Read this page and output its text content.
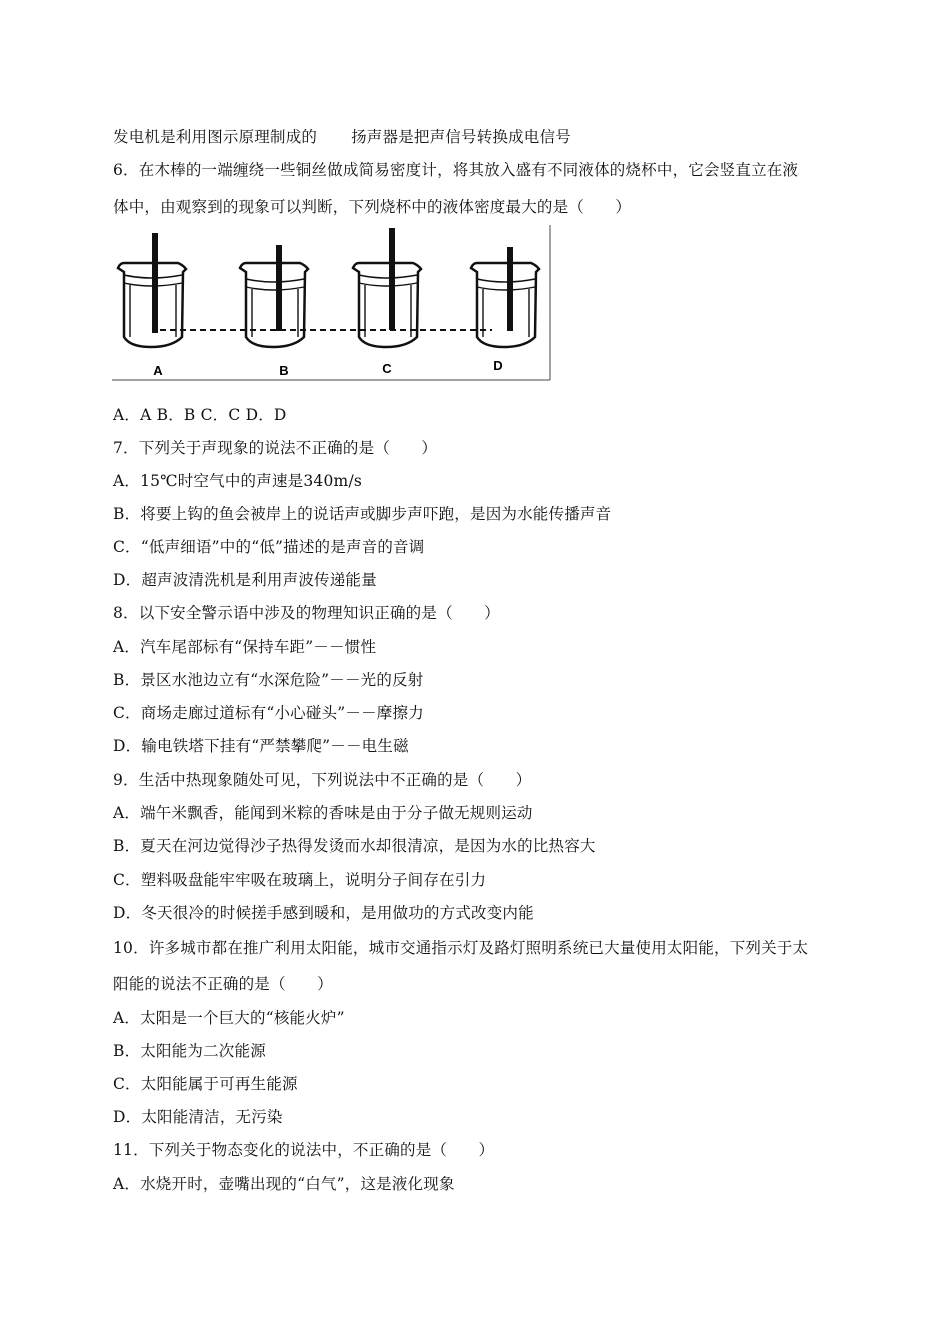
发电机是利用图示原理制成的 扬声器是把声信号转换成电信号
6．在木棒的一端缠绕一些铜丝做成简易密度计，将其放入盛有不同液体的烧杯中，它会竖直立在液
体中，由观察到的现象可以判断，下列烧杯中的液体密度最大的是（　　）
A	B	C	D
A．A B．B C．C D．D
7．下列关于声现象的说法不正确的是（　　）
A．15℃时空气中的声速是340m/s
B．将要上钩的鱼会被岸上的说话声或脚步声吓跑，是因为水能传播声音
C．“低声细语”中的“低”描述的是声音的音调
D．超声波清洗机是利用声波传递能量
8．以下安全警示语中涉及的物理知识正确的是（　　）
A．汽车尾部标有“保持车距”－－惯性
B．景区水池边立有“水深危险”－－光的反射
C．商场走廊过道标有“小心碰头”－－摩擦力
D．输电铁塔下挂有“严禁攀爬”－－电生磁
9．生活中热现象随处可见，下列说法中不正确的是（　　）
A．端午米飘香，能闻到米粽的香味是由于分子做无规则运动
B．夏天在河边觉得沙子热得发烫而水却很清凉，是因为水的比热容大
C．塑料吸盘能牢牢吸在玻璃上，说明分子间存在引力
D．冬天很冷的时候搓手感到暖和，是用做功的方式改变内能
10．许多城市都在推广利用太阳能，城市交通指示灯及路灯照明系统已大量使用太阳能，下列关于太
阳能的说法不正确的是（　　）
A．太阳是一个巨大的“核能火炉”
B．太阳能为二次能源
C．太阳能属于可再生能源
D．太阳能清洁，无污染
11．下列关于物态变化的说法中，不正确的是（　　）
A．水烧开时，壶嘴出现的“白气”，这是液化现象
